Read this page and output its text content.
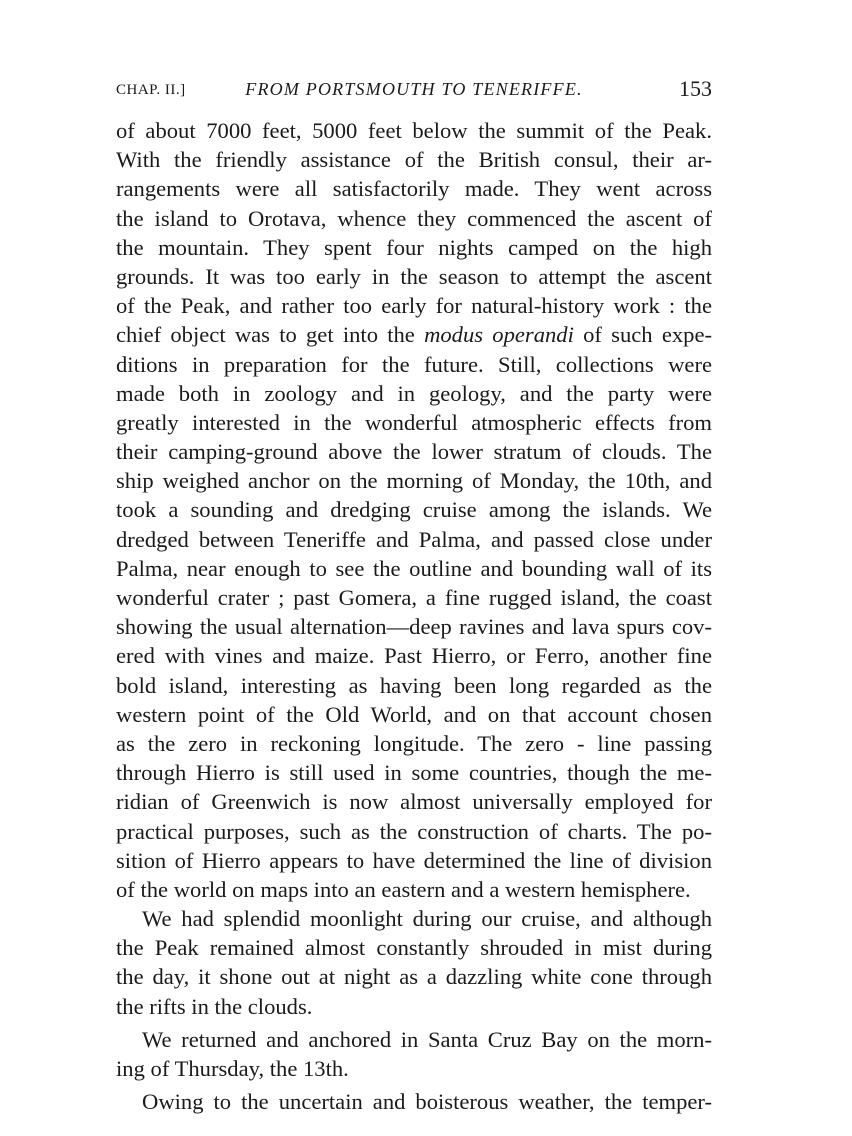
CHAP. II.]	FROM PORTSMOUTH TO TENERIFFE.	153
of about 7000 feet, 5000 feet below the summit of the Peak.
With the friendly assistance of the British consul, their ar-
rangements were all satisfactorily made. They went across
the island to Orotava, whence they commenced the ascent of
the mountain. They spent four nights camped on the high
grounds. It was too early in the season to attempt the ascent
of the Peak, and rather too early for natural-history work : the
chief object was to get into the modus operandi of such expe-
ditions in preparation for the future. Still, collections were
made both in zoology and in geology, and the party were
greatly interested in the wonderful atmospheric effects from
their camping-ground above the lower stratum of clouds. The
ship weighed anchor on the morning of Monday, the 10th, and
took a sounding and dredging cruise among the islands. We
dredged between Teneriffe and Palma, and passed close under
Palma, near enough to see the outline and bounding wall of its
wonderful crater ; past Gomera, a fine rugged island, the coast
showing the usual alternation—deep ravines and lava spurs cov-
ered with vines and maize. Past Hierro, or Ferro, another fine
bold island, interesting as having been long regarded as the
western point of the Old World, and on that account chosen
as the zero in reckoning longitude. The zero - line passing
through Hierro is still used in some countries, though the me-
ridian of Greenwich is now almost universally employed for
practical purposes, such as the construction of charts. The po-
sition of Hierro appears to have determined the line of division
of the world on maps into an eastern and a western hemisphere.
We had splendid moonlight during our cruise, and although
the Peak remained almost constantly shrouded in mist during
the day, it shone out at night as a dazzling white cone through
the rifts in the clouds.
We returned and anchored in Santa Cruz Bay on the morn-
ing of Thursday, the 13th.
Owing to the uncertain and boisterous weather, the temper-
